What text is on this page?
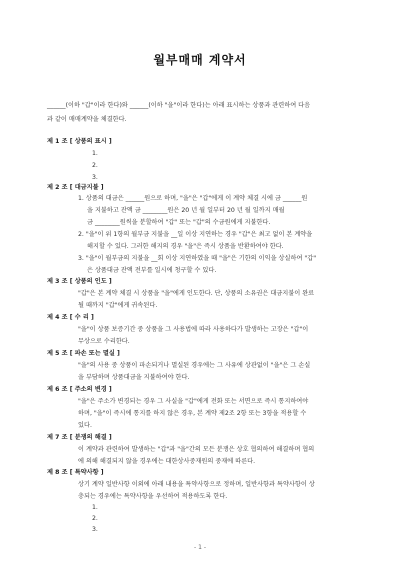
월부매매 계약서
______(이하 "갑"이라 한다)와 ______(이하 "을"이라 한다)는 아래 표시하는 상품과 관련하여 다음
과 같이 매매계약을 체결한다.
제 1 조 [ 상품의 표시 ]
1.
2.
3.
제 2 조 [ 대금지불 ]
1. 상품의 대금은 ______원으로 하며, "을"은 "갑"에게 이 계약 체결 시에 금 ______원
을 지불하고 잔액 금 ________원은 20 년 월 일부터 20 년 월 일까지 매월
금 ________원씩을 분할하여 "갑" 또는 "갑"의 수금원에게 지불한다.
2. "을"이 위 1항의 월부금 지불을 __일 이상 지연하는 경우 "갑"은 최고 없이 본 계약을
해지할 수 있다. 그러한 해지의 경우 "을"은 즉시 상품을 반환하여야 한다.
3. "을"이 월부금의 지불을 __회 이상 지연하였을 때 "을"은 기한의 이익을 상실하여 "갑"
은 상품대금 잔액 전부를 일시에 청구할 수 있다.
제 3 조 [ 상품의 인도 ]
"갑"은 본 계약 체결 시 상품을 "을"에게 인도한다. 단, 상품의 소유권은 대금지불이 완료
될 때까지 "갑"에게 귀속된다.
제 4 조 [ 수 리 ]
"을"이 상품 보증기간 중 상품을 그 사용법에 따라 사용하다가 발생하는 고장은 "갑"이
무상으로 수리한다.
제 5 조 [ 파손 또는 멸실 ]
"을"의 사용 중 상품이 파손되거나 멸실된 경우에는 그 사유에 상관없이 "을"은 그 손실
을 부담하며 상품대금을 지불하여야 한다.
제 6 조 [ 주소의 변경 ]
"을"은 주소가 변경되는 경우 그 사실을 "갑"에게 전화 또는 서면으로 즉시 통지하여야
하며, "을"이 즉시에 통지를 하지 않은 경우, 본 계약 제2조 2항 또는 3항을 적용할 수
있다.
제 7 조 [ 분쟁의 해결 ]
이 계약과 관련하여 발생하는 "갑"과 "을"간의 모든 분쟁은 상호 협의하여 해결하며 협의
에 의해 해결되지 않을 경우에는 대한상사중재원의 중재에 따른다.
제 8 조 [ 특약사항 ]
상기 계약 일반사항 이외에 아래 내용을 특약사항으로 정하며, 일반사항과 특약사항이 상
충되는 경우에는 특약사항을 우선하여 적용하도록 한다.
1.
2.
3.
- 1 -
